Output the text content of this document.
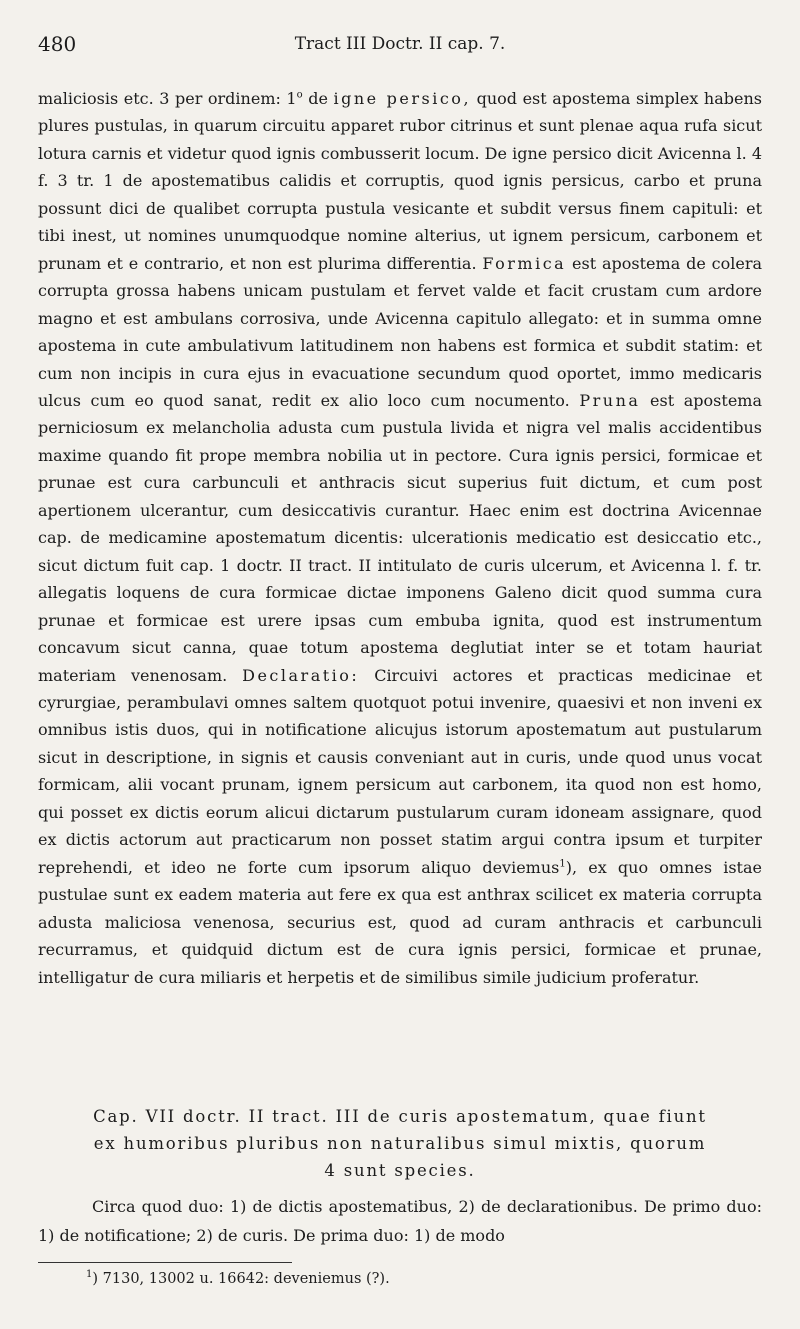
480	Tract III Doctr. II cap. 7.

maliciosis etc. 3 per ordinem: 1$^o$ de igne persico, quod est apostema simplex habens plures pustulas, in quarum circuitu apparet rubor citrinus et sunt plenae aqua rufa sicut lotura carnis et videtur quod ignis combusserit locum. De igne persico dicit Avicenna l. 4 f. 3 tr. 1 de apostematibus calidis et corruptis, quod ignis persicus, carbo et pruna possunt dici de qualibet corrupta pustula vesicante et subdit versus finem capituli: et tibi inest, ut nomines unumquodque nomine alterius, ut ignem persicum, carbonem et prunam et e contrario, et non est plurima differentia. Formica est apostema de colera corrupta grossa habens unicam pustulam et fervet valde et facit crustam cum ardore magno et est ambulans corrosiva, unde Avicenna capitulo allegato: et in summa omne apostema in cute ambulativum latitudinem non habens est formica et subdit statim: et cum non incipis in cura ejus in evacuatione secundum quod oportet, immo medicaris ulcus cum eo quod sanat, redit ex alio loco cum nocumento. Pruna est apostema perniciosum ex melancholia adusta cum pustula livida et nigra vel malis accidentibus maxime quando fit prope membra nobilia ut in pectore. Cura ignis persici, formicae et prunae est cura carbunculi et anthracis sicut superius fuit dictum, et cum post apertionem ulcerantur, cum desiccativis curantur. Haec enim est doctrina Avicennae cap. de medicamine apostematum dicentis: ulcerationis medicatio est desiccatio etc., sicut dictum fuit cap. 1 doctr. II tract. II intitulato de curis ulcerum, et Avicenna l. f. tr. allegatis loquens de cura formicae dictae imponens Galeno dicit quod summa cura prunae et formicae est urere ipsas cum embuba ignita, quod est instrumentum concavum sicut canna, quae totum apostema deglutiat inter se et totam hauriat materiam venenosam. Declaratio: Circuivi actores et practicas medicinae et cyrurgiae, perambulavi omnes saltem quotquot potui invenire, quaesivi et non inveni ex omnibus istis duos, qui in notificatione alicujus istorum apostematum aut pustularum sicut in descriptione, in signis et causis conveniant aut in curis, unde quod unus vocat formicam, alii vocant prunam, ignem persicum aut carbonem, ita quod non est homo, qui posset ex dictis eorum alicui dictarum pustularum curam idoneam assignare, quod ex dictis actorum aut practicarum non posset statim argui contra ipsum et turpiter reprehendi, et ideo ne forte cum ipsorum aliquo deviemus$^1$), ex quo omnes istae pustulae sunt ex eadem materia aut fere ex qua est anthrax scilicet ex materia corrupta adusta maliciosa venenosa, securius est, quod ad curam anthracis et carbunculi recurramus, et quidquid dictum est de cura ignis persici, formicae et prunae, intelligatur de cura miliaris et herpetis et de similibus simile judicium proferatur.

Cap. VII doctr. II tract. III de curis apostematum, quae fiunt
ex humoribus pluribus non naturalibus simul mixtis, quorum
4 sunt species.

Circa quod duo: 1) de dictis apostematibus, 2) de declarationibus. De primo duo: 1) de notificatione; 2) de curis. De prima duo: 1) de modo

$^1$) 7130, 13002 u. 16642: deveniemus (?).
